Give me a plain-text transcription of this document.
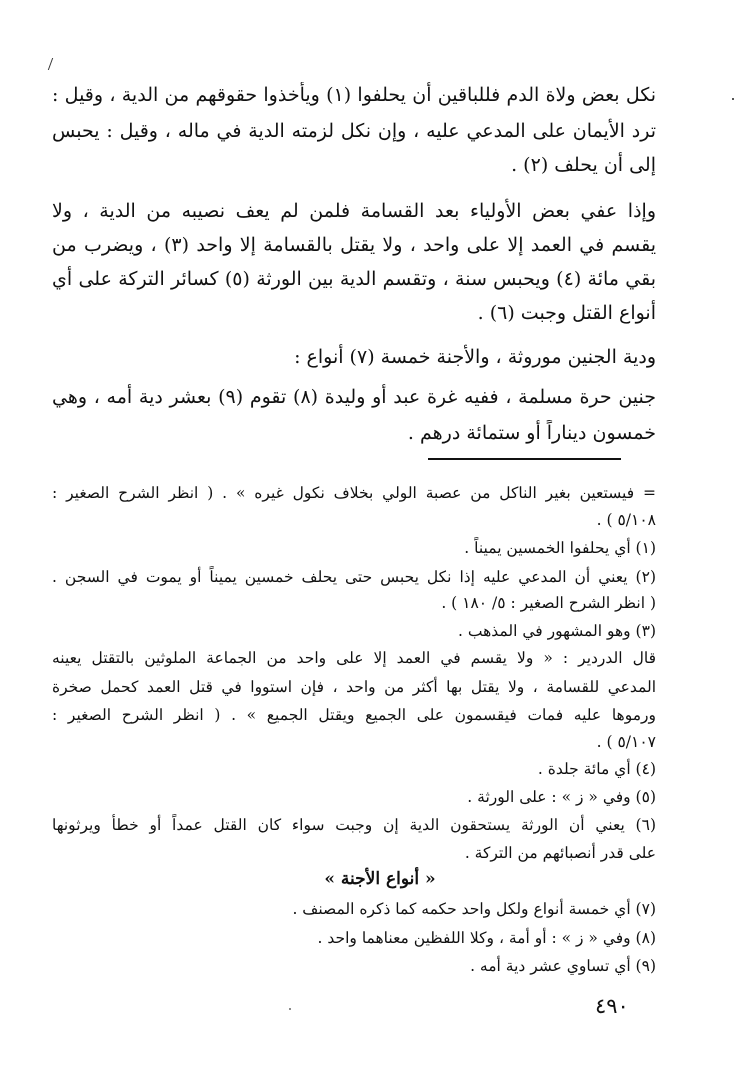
نكل بعض ولاة الدم فللباقين أن يحلفوا (١) ويأخذوا حقوقهم من الدية ، وقيل :
ترد الأيمان على المدعي عليه ، وإن نكل لزمته الدية في ماله ، وقيل : يحبس
إلى أن يحلف (٢) .
وإذا عفي بعض الأولياء بعد القسامة فلمن لم يعف نصيبه من الدية ، ولا
يقسم في العمد إلا على واحد ، ولا يقتل بالقسامة إلا واحد (٣) ، ويضرب من
بقي مائة (٤) ويحبس سنة ، وتقسم الدية بين الورثة (٥) كسائر التركة على أي
أنواع القتل وجبت (٦) .
ودية الجنين موروثة ، والأجنة خمسة (٧) أنواع :
جنين حرة مسلمة ، ففيه غرة عبد أو وليدة (٨) تقوم (٩) بعشر دية أمه ، وهي
خمسون ديناراً أو ستمائة درهم .
= فيستعين بغير الناكل من عصبة الولي بخلاف نكول غيره » . ( انظر الشرح الصغير :
٥/١٠٨ ) .
(١) أي يحلفوا الخمسين يميناً .
(٢) يعني أن المدعي عليه إذا نكل يحبس حتى يحلف خمسين يميناً أو يموت في السجن .
( انظر الشرح الصغير : ٥/ ١٨٠ ) .
(٣) وهو المشهور في المذهب .
قال الدردير : « ولا يقسم في العمد إلا على واحد من الجماعة الملوثين بالتقتل يعينه
المدعي للقسامة ، ولا يقتل بها أكثر من واحد ، فإن استووا في قتل العمد كحمل صخرة
ورموها عليه فمات فيقسمون على الجميع ويقتل الجميع » . ( انظر الشرح الصغير :
٥/١٠٧ ) .
(٤) أي مائة جلدة .
(٥) وفي « ز » : على الورثة .
(٦) يعني أن الورثة يستحقون الدية إن وجبت سواء كان القتل عمداً أو خطأ ويرثونها
على قدر أنصبائهم من التركة .
« أنواع الأجنة »
(٧) أي خمسة أنواع ولكل واحد حكمه كما ذكره المصنف .
(٨) وفي « ز » : أو أمة ، وكلا اللفظين معناهما واحد .
(٩) أي تساوي عشر دية أمه .
٤٩٠
